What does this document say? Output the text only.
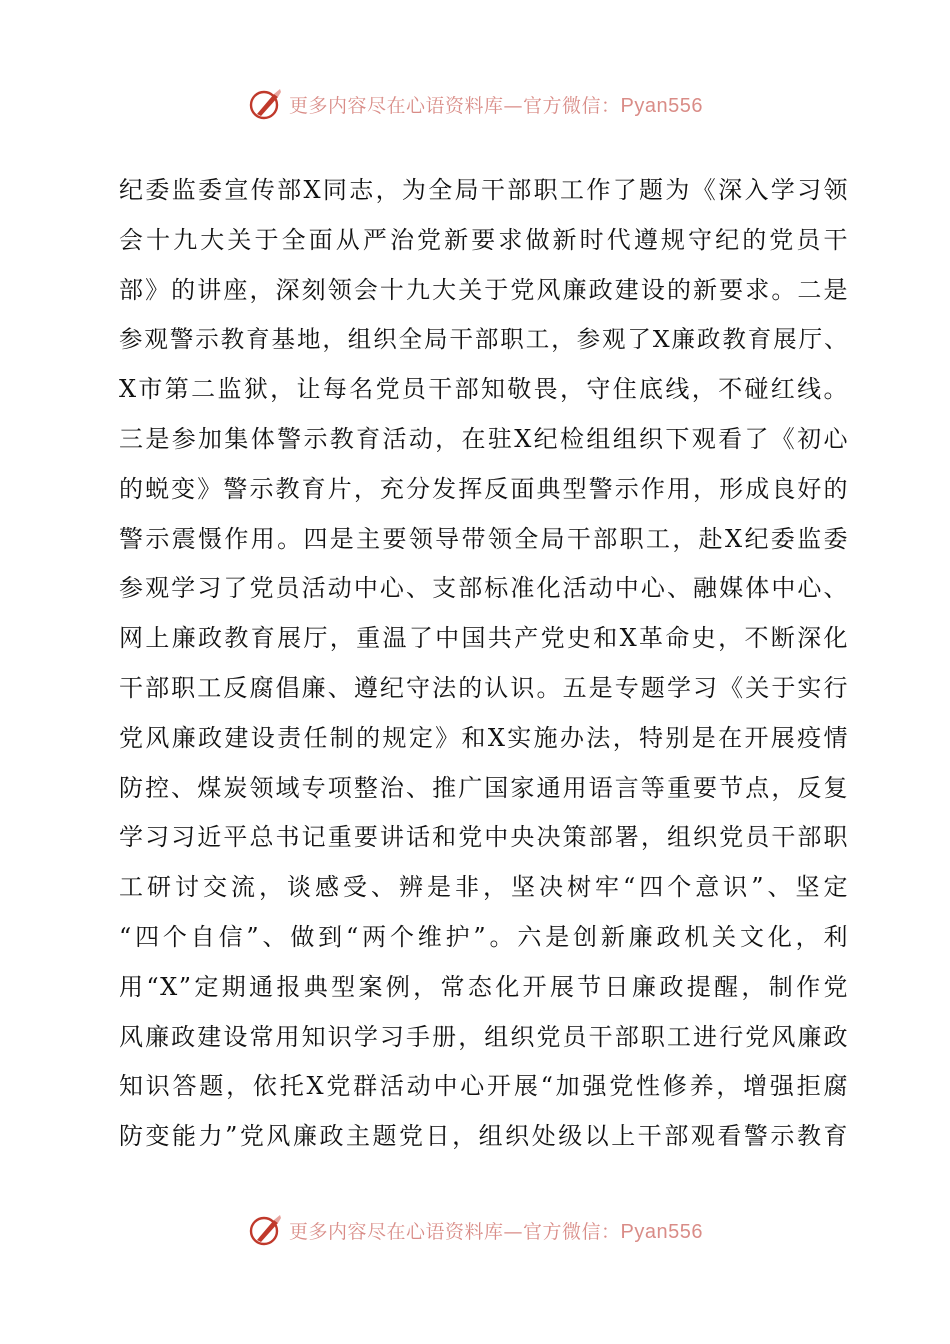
更多内容尽在心语资料库—官方微信：Pyan556
纪委监委宣传部X同志，为全局干部职工作了题为《深入学习领
会十九大关于全面从严治党新要求做新时代遵规守纪的党员干
部》的讲座，深刻领会十九大关于党风廉政建设的新要求。二是
参观警示教育基地，组织全局干部职工，参观了X廉政教育展厅、
X市第二监狱，让每名党员干部知敬畏，守住底线，不碰红线。
三是参加集体警示教育活动，在驻X纪检组组织下观看了《初心
的蜕变》警示教育片，充分发挥反面典型警示作用，形成良好的
警示震慑作用。四是主要领导带领全局干部职工，赴X纪委监委
参观学习了党员活动中心、支部标准化活动中心、融媒体中心、
网上廉政教育展厅，重温了中国共产党史和X革命史，不断深化
干部职工反腐倡廉、遵纪守法的认识。五是专题学习《关于实行
党风廉政建设责任制的规定》和X实施办法，特别是在开展疫情
防控、煤炭领域专项整治、推广国家通用语言等重要节点，反复
学习习近平总书记重要讲话和党中央决策部署，组织党员干部职
工研讨交流，谈感受、辨是非，坚决树牢“四个意识”、坚定
“四个自信”、做到“两个维护”。六是创新廉政机关文化，利
用“X”定期通报典型案例，常态化开展节日廉政提醒，制作党
风廉政建设常用知识学习手册，组织党员干部职工进行党风廉政
知识答题，依托X党群活动中心开展“加强党性修养，增强拒腐
防变能力”党风廉政主题党日，组织处级以上干部观看警示教育
更多内容尽在心语资料库—官方微信：Pyan556
